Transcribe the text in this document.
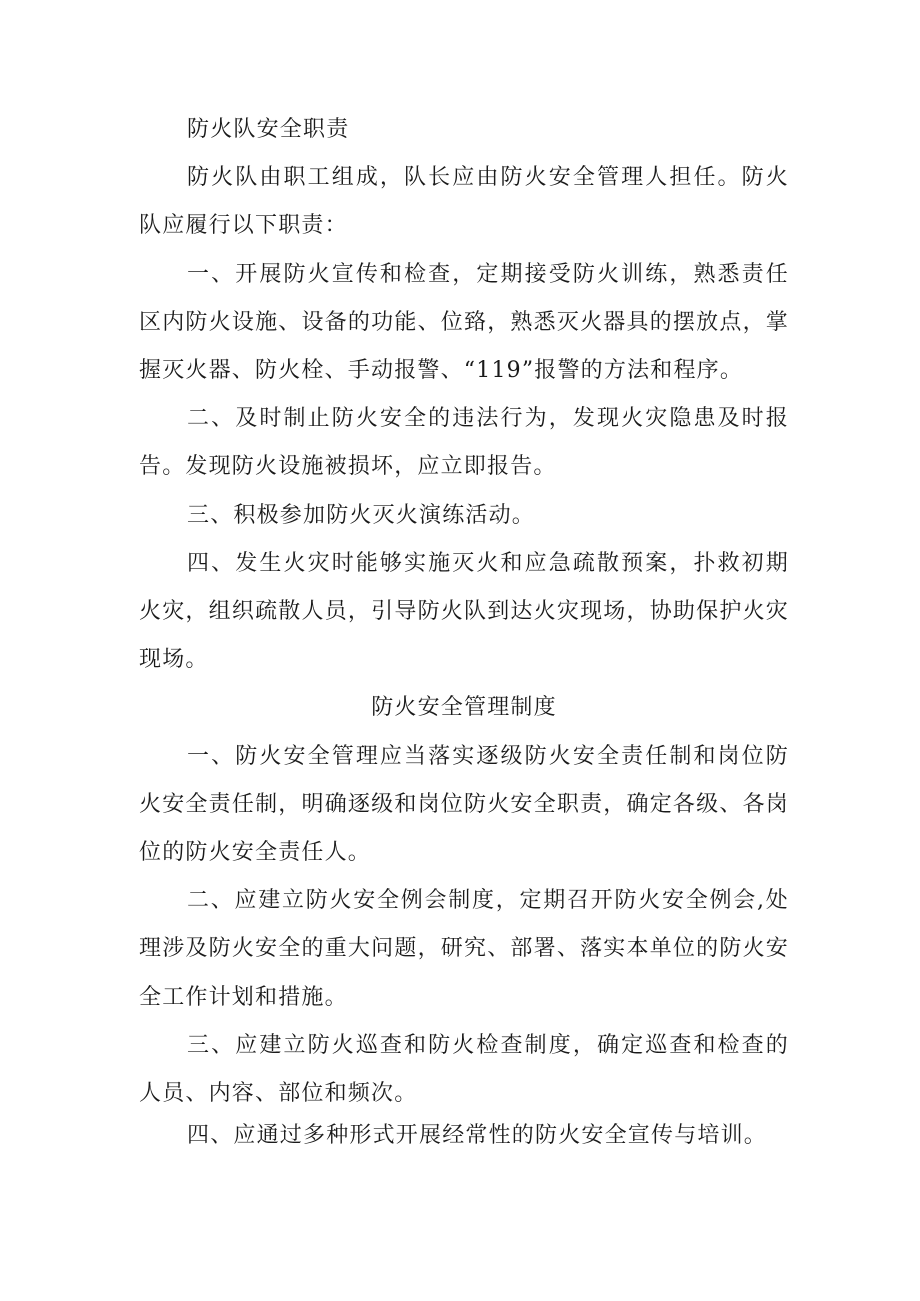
防火队安全职责

防火队由职工组成，队长应由防火安全管理人担任。防火队应履行以下职责：

一、开展防火宣传和检查，定期接受防火训练，熟悉责任区内防火设施、设备的功能、位臵，熟悉灭火器具的摆放点，掌握灭火器、防火栓、手动报警、“119”报警的方法和程序。

二、及时制止防火安全的违法行为，发现火灾隐患及时报告。发现防火设施被损坏，应立即报告。

三、积极参加防火灭火演练活动。

四、发生火灾时能够实施灭火和应急疏散预案，扑救初期火灾，组织疏散人员，引导防火队到达火灾现场，协助保护火灾现场。

防火安全管理制度

一、防火安全管理应当落实逐级防火安全责任制和岗位防火安全责任制，明确逐级和岗位防火安全职责，确定各级、各岗位的防火安全责任人。

二、应建立防火安全例会制度，定期召开防火安全例会,处理涉及防火安全的重大问题，研究、部署、落实本单位的防火安全工作计划和措施。

三、应建立防火巡查和防火检查制度，确定巡查和检查的人员、内容、部位和频次。

四、应通过多种形式开展经常性的防火安全宣传与培训。
